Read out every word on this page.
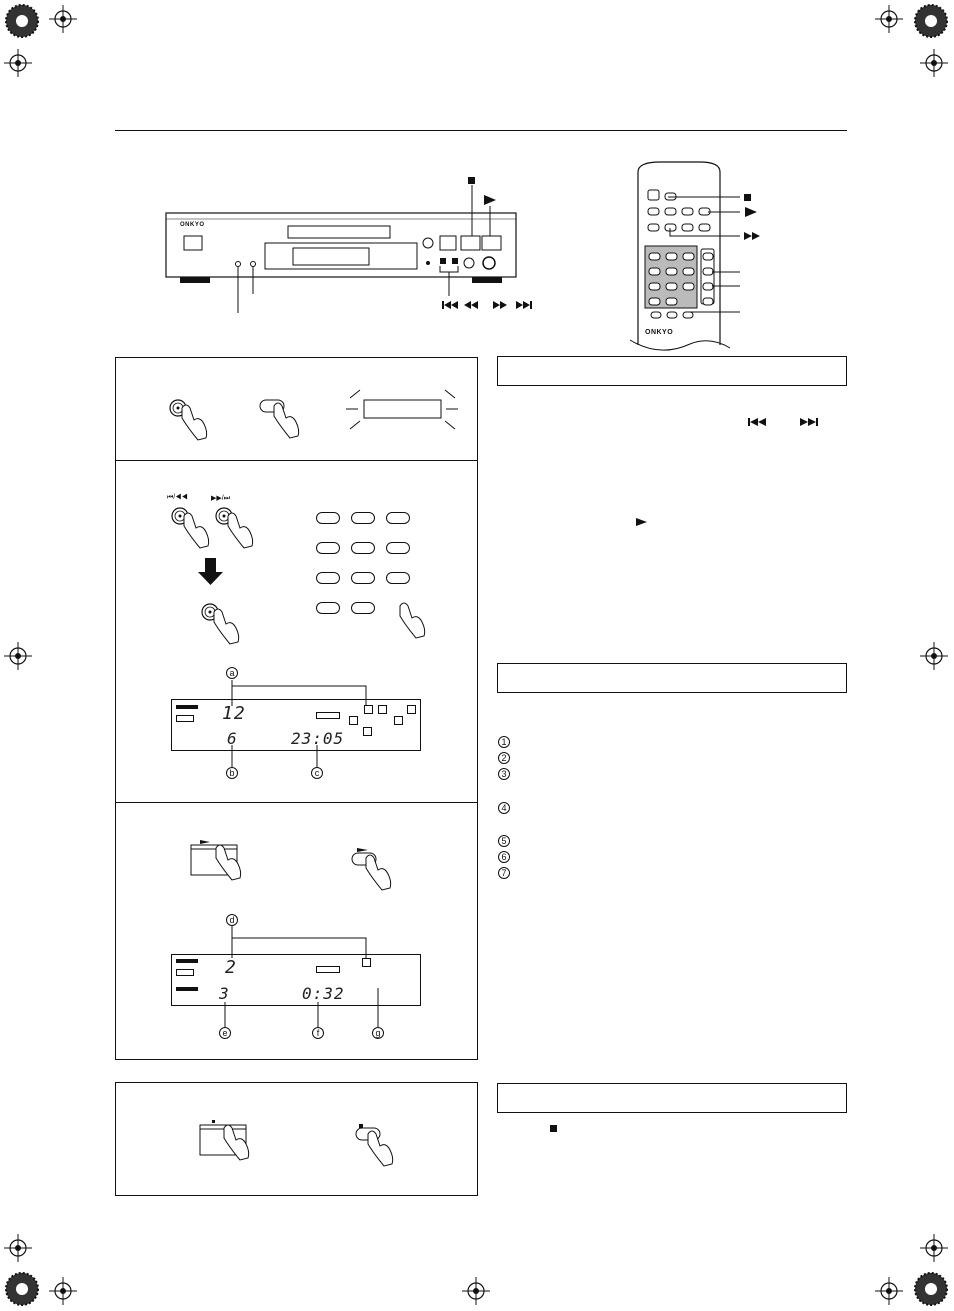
ONKYO
ONKYO
⏮/◀◀	▶▶/⏭
12
6	23:05
a
b	c
2
3	0:32
d
e	f	g
1
2
3
4
5
6
7
